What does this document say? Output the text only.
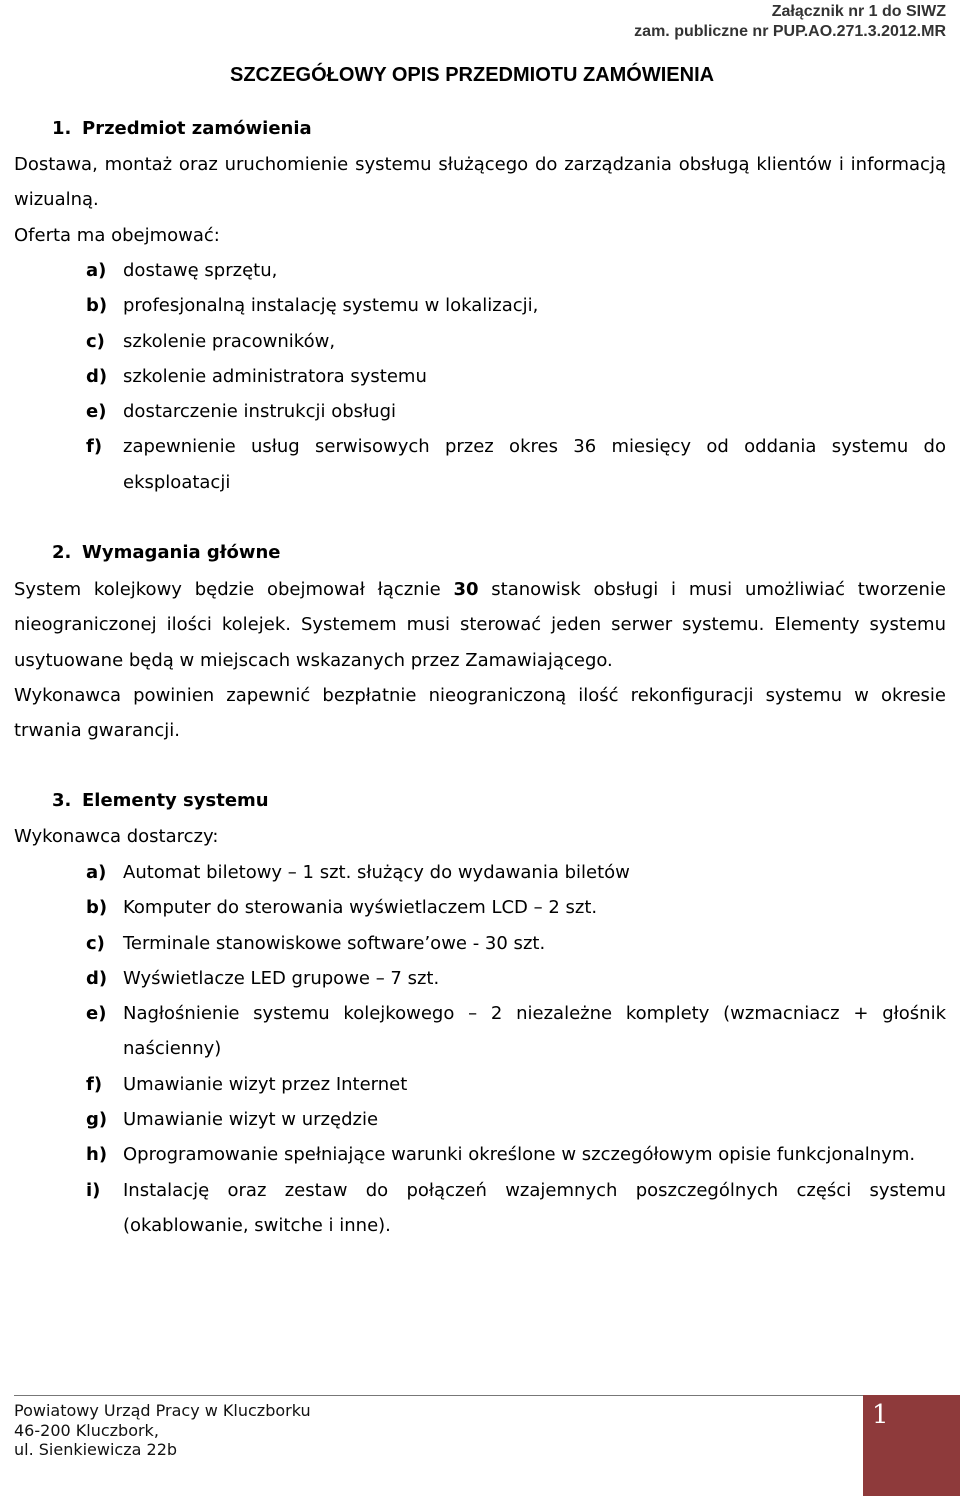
Załącznik nr 1 do SIWZ
zam. publiczne nr PUP.AO.271.3.2012.MR
SZCZEGÓŁOWY OPIS PRZEDMIOTU ZAMÓWIENIA
1. Przedmiot zamówienia
Dostawa, montaż oraz uruchomienie systemu służącego do zarządzania obsługą klientów i informacją wizualną.
Oferta ma obejmować:
a) dostawę sprzętu,
b) profesjonalną instalację systemu w lokalizacji,
c)	szkolenie pracowników,
d) szkolenie administratora systemu
e) dostarczenie instrukcji obsługi
f)	zapewnienie usług serwisowych przez okres 36 miesięcy od oddania systemu do eksploatacji
2. Wymagania główne
System kolejkowy będzie obejmował łącznie 30 stanowisk obsługi i musi umożliwiać tworzenie nieograniczonej ilości kolejek. Systemem musi sterować jeden serwer systemu. Elementy systemu usytuowane będą w miejscach wskazanych przez Zamawiającego.
Wykonawca powinien zapewnić bezpłatnie nieograniczoną ilość rekonfiguracji systemu w okresie trwania gwarancji.
3. Elementy systemu
Wykonawca dostarczy:
a) Automat biletowy – 1 szt. służący do wydawania biletów
b) Komputer do sterowania wyświetlaczem LCD – 2 szt.
c)	Terminale stanowiskowe software’owe - 30 szt.
d) Wyświetlacze LED grupowe – 7 szt.
e) Nagłośnienie systemu kolejkowego – 2 niezależne komplety (wzmacniacz + głośnik naścienny)
f)	Umawianie wizyt przez Internet
g) Umawianie wizyt w urzędzie
h) Oprogramowanie spełniające warunki określone w szczegółowym opisie funkcjonalnym.
i)	Instalację oraz zestaw do połączeń wzajemnych poszczególnych części systemu (okablowanie, switche i inne).
Powiatowy Urząd Pracy w Kluczborku
46-200 Kluczbork,
ul. Sienkiewicza 22b
1
